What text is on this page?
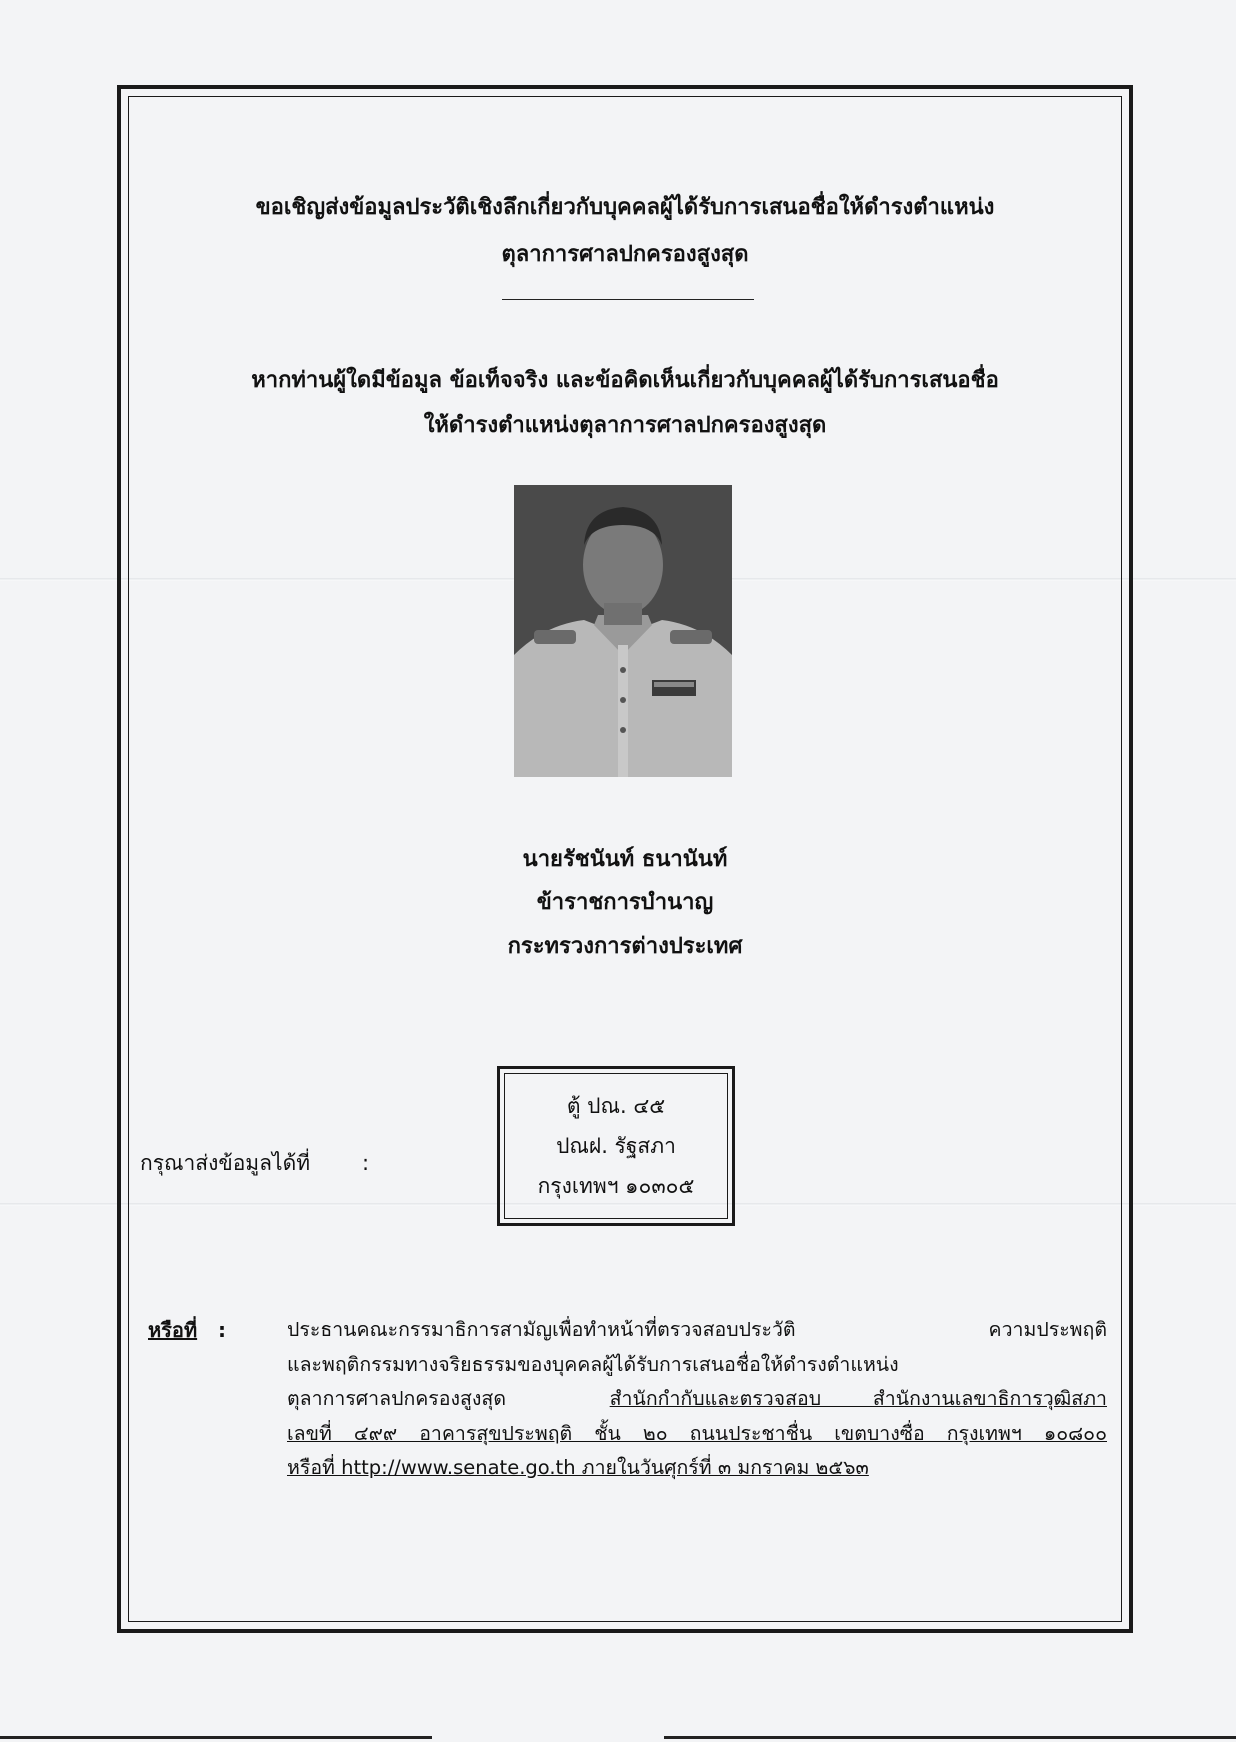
ขอเชิญส่งข้อมูลประวัติเชิงลึกเกี่ยวกับบุคคลผู้ได้รับการเสนอชื่อให้ดำรงตำแหน่ง
ตุลาการศาลปกครองสูงสุด
หากท่านผู้ใดมีข้อมูล ข้อเท็จจริง และข้อคิดเห็นเกี่ยวกับบุคคลผู้ได้รับการเสนอชื่อ
ให้ดำรงตำแหน่งตุลาการศาลปกครองสูงสุด
นายรัชนันท์ ธนานันท์
ข้าราชการบำนาญ
กระทรวงการต่างประเทศ
กรุณาส่งข้อมูลได้ที่ :
ตู้ ปณ. ๔๕
ปณฝ. รัฐสภา
กรุงเทพฯ ๑๐๓๐๕
หรือที่ :	ประธานคณะกรรมาธิการสามัญเพื่อทำหน้าที่ตรวจสอบประวัติ ความประพฤติ
และพฤติกรรมทางจริยธรรมของบุคคลผู้ได้รับการเสนอชื่อให้ดำรงตำแหน่ง
ตุลาการศาลปกครองสูงสุด	สำนักกำกับและตรวจสอบ สำนักงานเลขาธิการวุฒิสภา
เลขที่ ๔๙๙ อาคารสุขประพฤติ ชั้น ๒๐ ถนนประชาชื่น เขตบางซื่อ กรุงเทพฯ ๑๐๘๐๐
หรือที่ http://www.senate.go.th ภายในวันศุกร์ที่ ๓ มกราคม ๒๕๖๓
